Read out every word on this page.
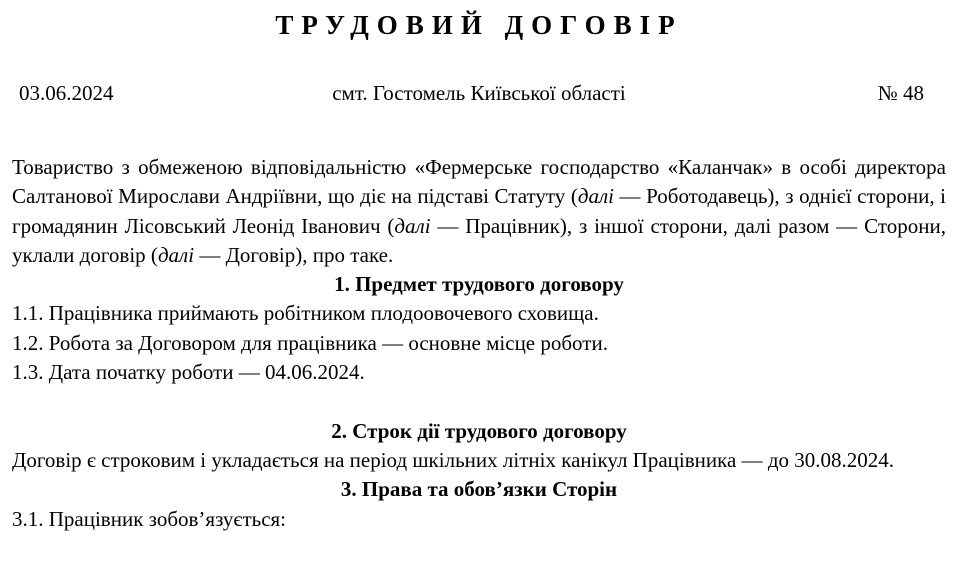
ТРУДОВИЙ ДОГОВІР
смт. Гостомель Київської області
03.06.2024	№ 48

Товариство з обмеженою відповідальністю «Фермерське господарство «Каланчак» в особі директора Салтанової Мирослави Андріївни, що діє на підставі Статуту (далі — Роботодавець), з однієї сторони, і громадянин Лісовський Леонід Іванович (далі — Працівник), з іншої сторони, далі разом — Сторони, уклали договір (далі — Договір), про таке.

1. Предмет трудового договору

1.1. Працівника приймають робітником плодоовочевого сховища.

1.2. Робота за Договором для працівника — основне місце роботи.

1.3. Дата початку роботи — 04.06.2024.

2. Строк дії трудового договору

Договір є строковим і укладається на період шкільних літніх канікул Працівника — до 30.08.2024.

3. Права та обов’язки Сторін

3.1. Працівник зобов’язується:
